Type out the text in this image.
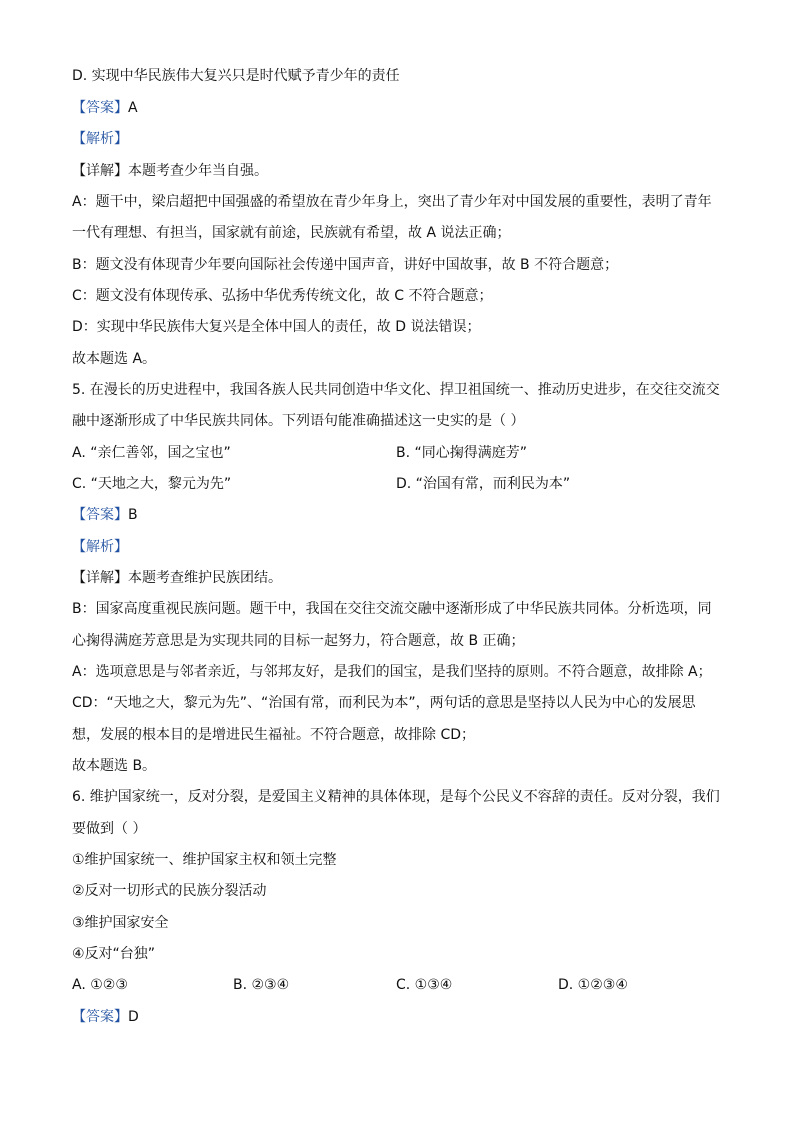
D. 实现中华民族伟大复兴只是时代赋予青少年的责任
【答案】A
【解析】
【详解】本题考查少年当自强。
A：题干中，梁启超把中国强盛的希望放在青少年身上，突出了青少年对中国发展的重要性，表明了青年
一代有理想、有担当，国家就有前途，民族就有希望，故 A 说法正确；
B：题文没有体现青少年要向国际社会传递中国声音，讲好中国故事，故 B 不符合题意；
C：题文没有体现传承、弘扬中华优秀传统文化，故 C 不符合题意；
D：实现中华民族伟大复兴是全体中国人的责任，故 D 说法错误；
故本题选 A。
5. 在漫长的历史进程中，我国各族人民共同创造中华文化、捍卫祖国统一、推动历史进步，在交往交流交
融中逐渐形成了中华民族共同体。下列语句能准确描述这一史实的是（ ）
A. “亲仁善邻，国之宝也”	B. “同心掬得满庭芳”
C. “天地之大，黎元为先”	D. “治国有常，而利民为本”
【答案】B
【解析】
【详解】本题考查维护民族团结。
B：国家高度重视民族问题。题干中，我国在交往交流交融中逐渐形成了中华民族共同体。分析选项，同
心掬得满庭芳意思是为实现共同的目标一起努力，符合题意，故 B 正确；
A：选项意思是与邻者亲近，与邻邦友好，是我们的国宝，是我们坚持的原则。不符合题意，故排除 A；
CD：“天地之大，黎元为先”、“治国有常，而利民为本”，两句话的意思是坚持以人民为中心的发展思
想，发展的根本目的是增进民生福祉。不符合题意，故排除 CD；
故本题选 B。
6. 维护国家统一，反对分裂，是爱国主义精神的具体体现，是每个公民义不容辞的责任。反对分裂，我们
要做到（ ）
①维护国家统一、维护国家主权和领土完整
②反对一切形式的民族分裂活动
③维护国家安全
④反对“台独”
A. ①②③	B. ②③④	C. ①③④	D. ①②③④
【答案】D
